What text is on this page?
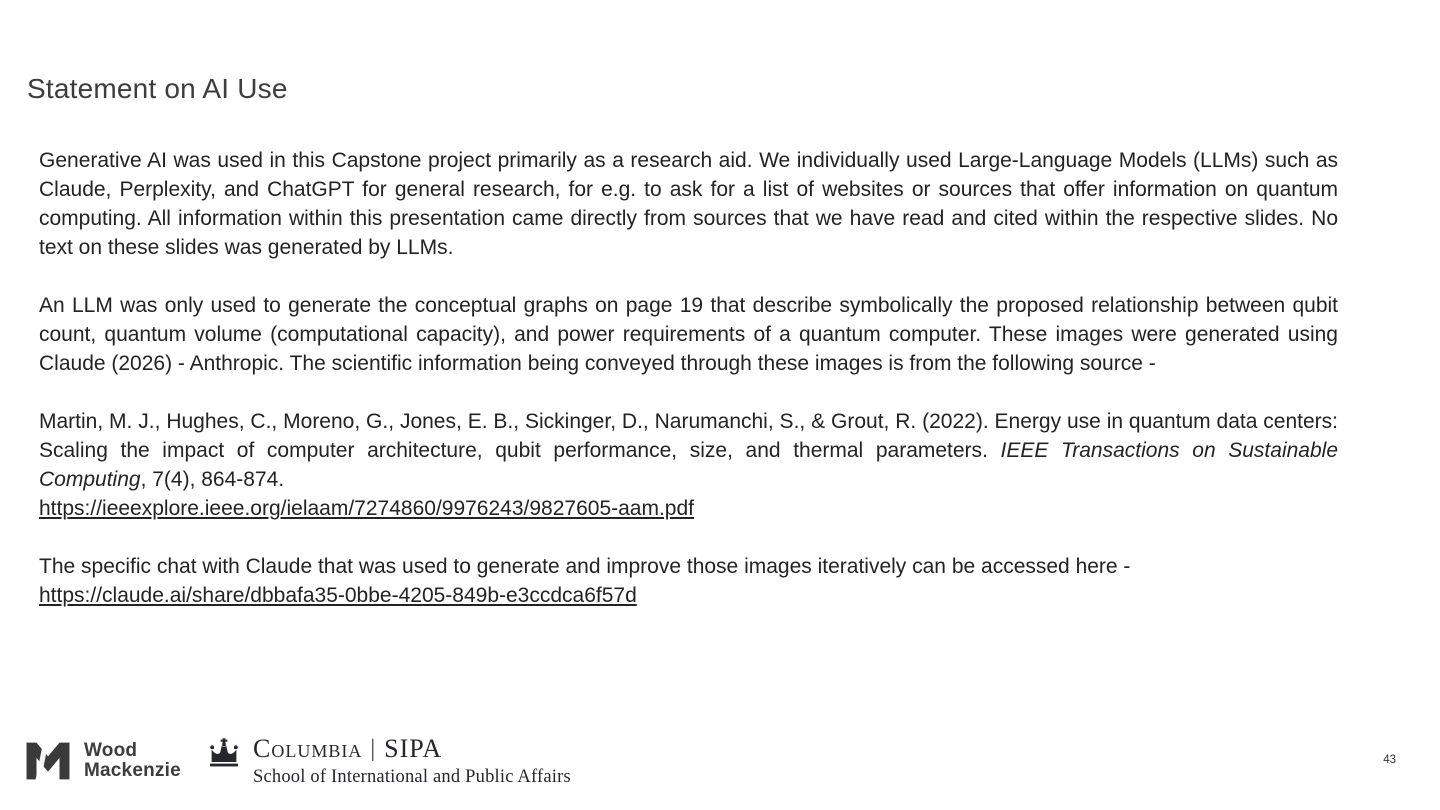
Statement on AI Use

Generative AI was used in this Capstone project primarily as a research aid. We individually used Large-Language Models (LLMs) such as Claude, Perplexity, and ChatGPT for general research, for e.g. to ask for a list of websites or sources that offer information on quantum computing. All information within this presentation came directly from sources that we have read and cited within the respective slides. No text on these slides was generated by LLMs.

An LLM was only used to generate the conceptual graphs on page 19 that describe symbolically the proposed relationship between qubit count, quantum volume (computational capacity), and power requirements of a quantum computer. These images were generated using Claude (2026) - Anthropic. The scientific information being conveyed through these images is from the following source -

Martin, M. J., Hughes, C., Moreno, G., Jones, E. B., Sickinger, D., Narumanchi, S., & Grout, R. (2022). Energy use in quantum data centers: Scaling the impact of computer architecture, qubit performance, size, and thermal parameters. IEEE Transactions on Sustainable Computing, 7(4), 864-874.

https://ieeexplore.ieee.org/ielaam/7274860/9976243/9827605-aam.pdf

The specific chat with Claude that was used to generate and improve those images iteratively can be accessed here -

https://claude.ai/share/dbbafa35-0bbe-4205-849b-e3ccdca6f57d
Wood
Mackenzie
Columbia | SIPA
School of International and Public Affairs
43
